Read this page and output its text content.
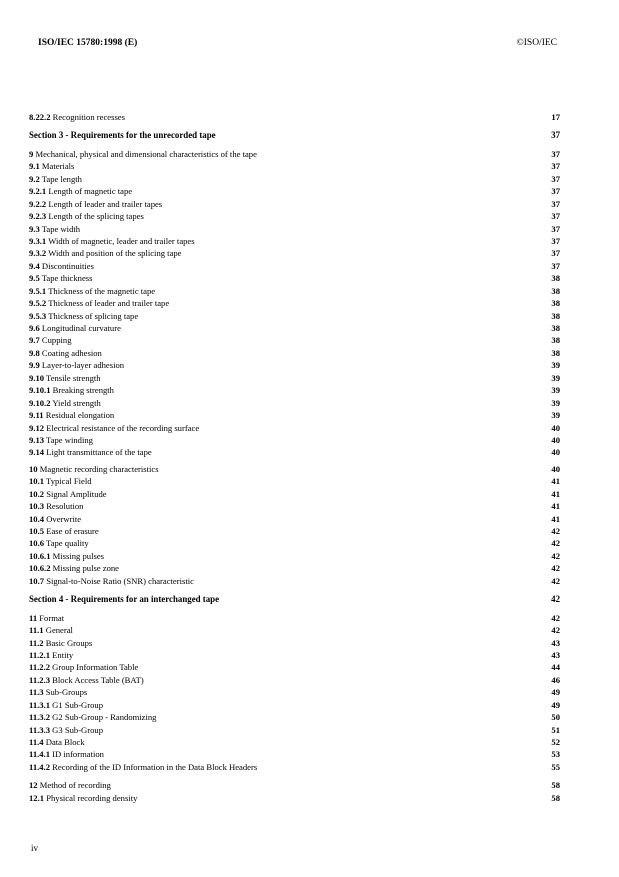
ISO/IEC 15780:1998 (E)	©ISO/IEC
8.22.2 Recognition recesses	17
Section 3 - Requirements for the unrecorded tape	37
9 Mechanical, physical and dimensional characteristics of the tape	37
9.1 Materials	37
9.2 Tape length	37
9.2.1 Length of magnetic tape	37
9.2.2 Length of leader and trailer tapes	37
9.2.3 Length of the splicing tapes	37
9.3 Tape width	37
9.3.1 Width of magnetic, leader and trailer tapes	37
9.3.2 Width and position of the splicing tape	37
9.4 Discontinuities	37
9.5 Tape thickness	38
9.5.1 Thickness of the magnetic tape	38
9.5.2 Thickness of leader and trailer tape	38
9.5.3 Thickness of splicing tape	38
9.6 Longitudinal curvature	38
9.7 Cupping	38
9.8 Coating adhesion	38
9.9 Layer-to-layer adhesion	39
9.10 Tensile strength	39
9.10.1 Breaking strength	39
9.10.2 Yield strength	39
9.11 Residual elongation	39
9.12 Electrical resistance of the recording surface	40
9.13 Tape winding	40
9.14 Light transmittance of the tape	40
10 Magnetic recording characteristics	40
10.1 Typical Field	41
10.2 Signal Amplitude	41
10.3 Resolution	41
10.4 Overwrite	41
10.5 Ease of erasure	42
10.6 Tape quality	42
10.6.1 Missing pulses	42
10.6.2 Missing pulse zone	42
10.7 Signal-to-Noise Ratio (SNR) characteristic	42
Section 4 - Requirements for an interchanged tape	42
11 Format	42
11.1 General	42
11.2 Basic Groups	43
11.2.1 Entity	43
11.2.2 Group Information Table	44
11.2.3 Block Access Table (BAT)	46
11.3 Sub-Groups	49
11.3.1 G1 Sub-Group	49
11.3.2 G2 Sub-Group - Randomizing	50
11.3.3 G3 Sub-Group	51
11.4 Data Block	52
11.4.1 ID information	53
11.4.2 Recording of the ID Information in the Data Block Headers	55
12 Method of recording	58
12.1 Physical recording density	58
iv
